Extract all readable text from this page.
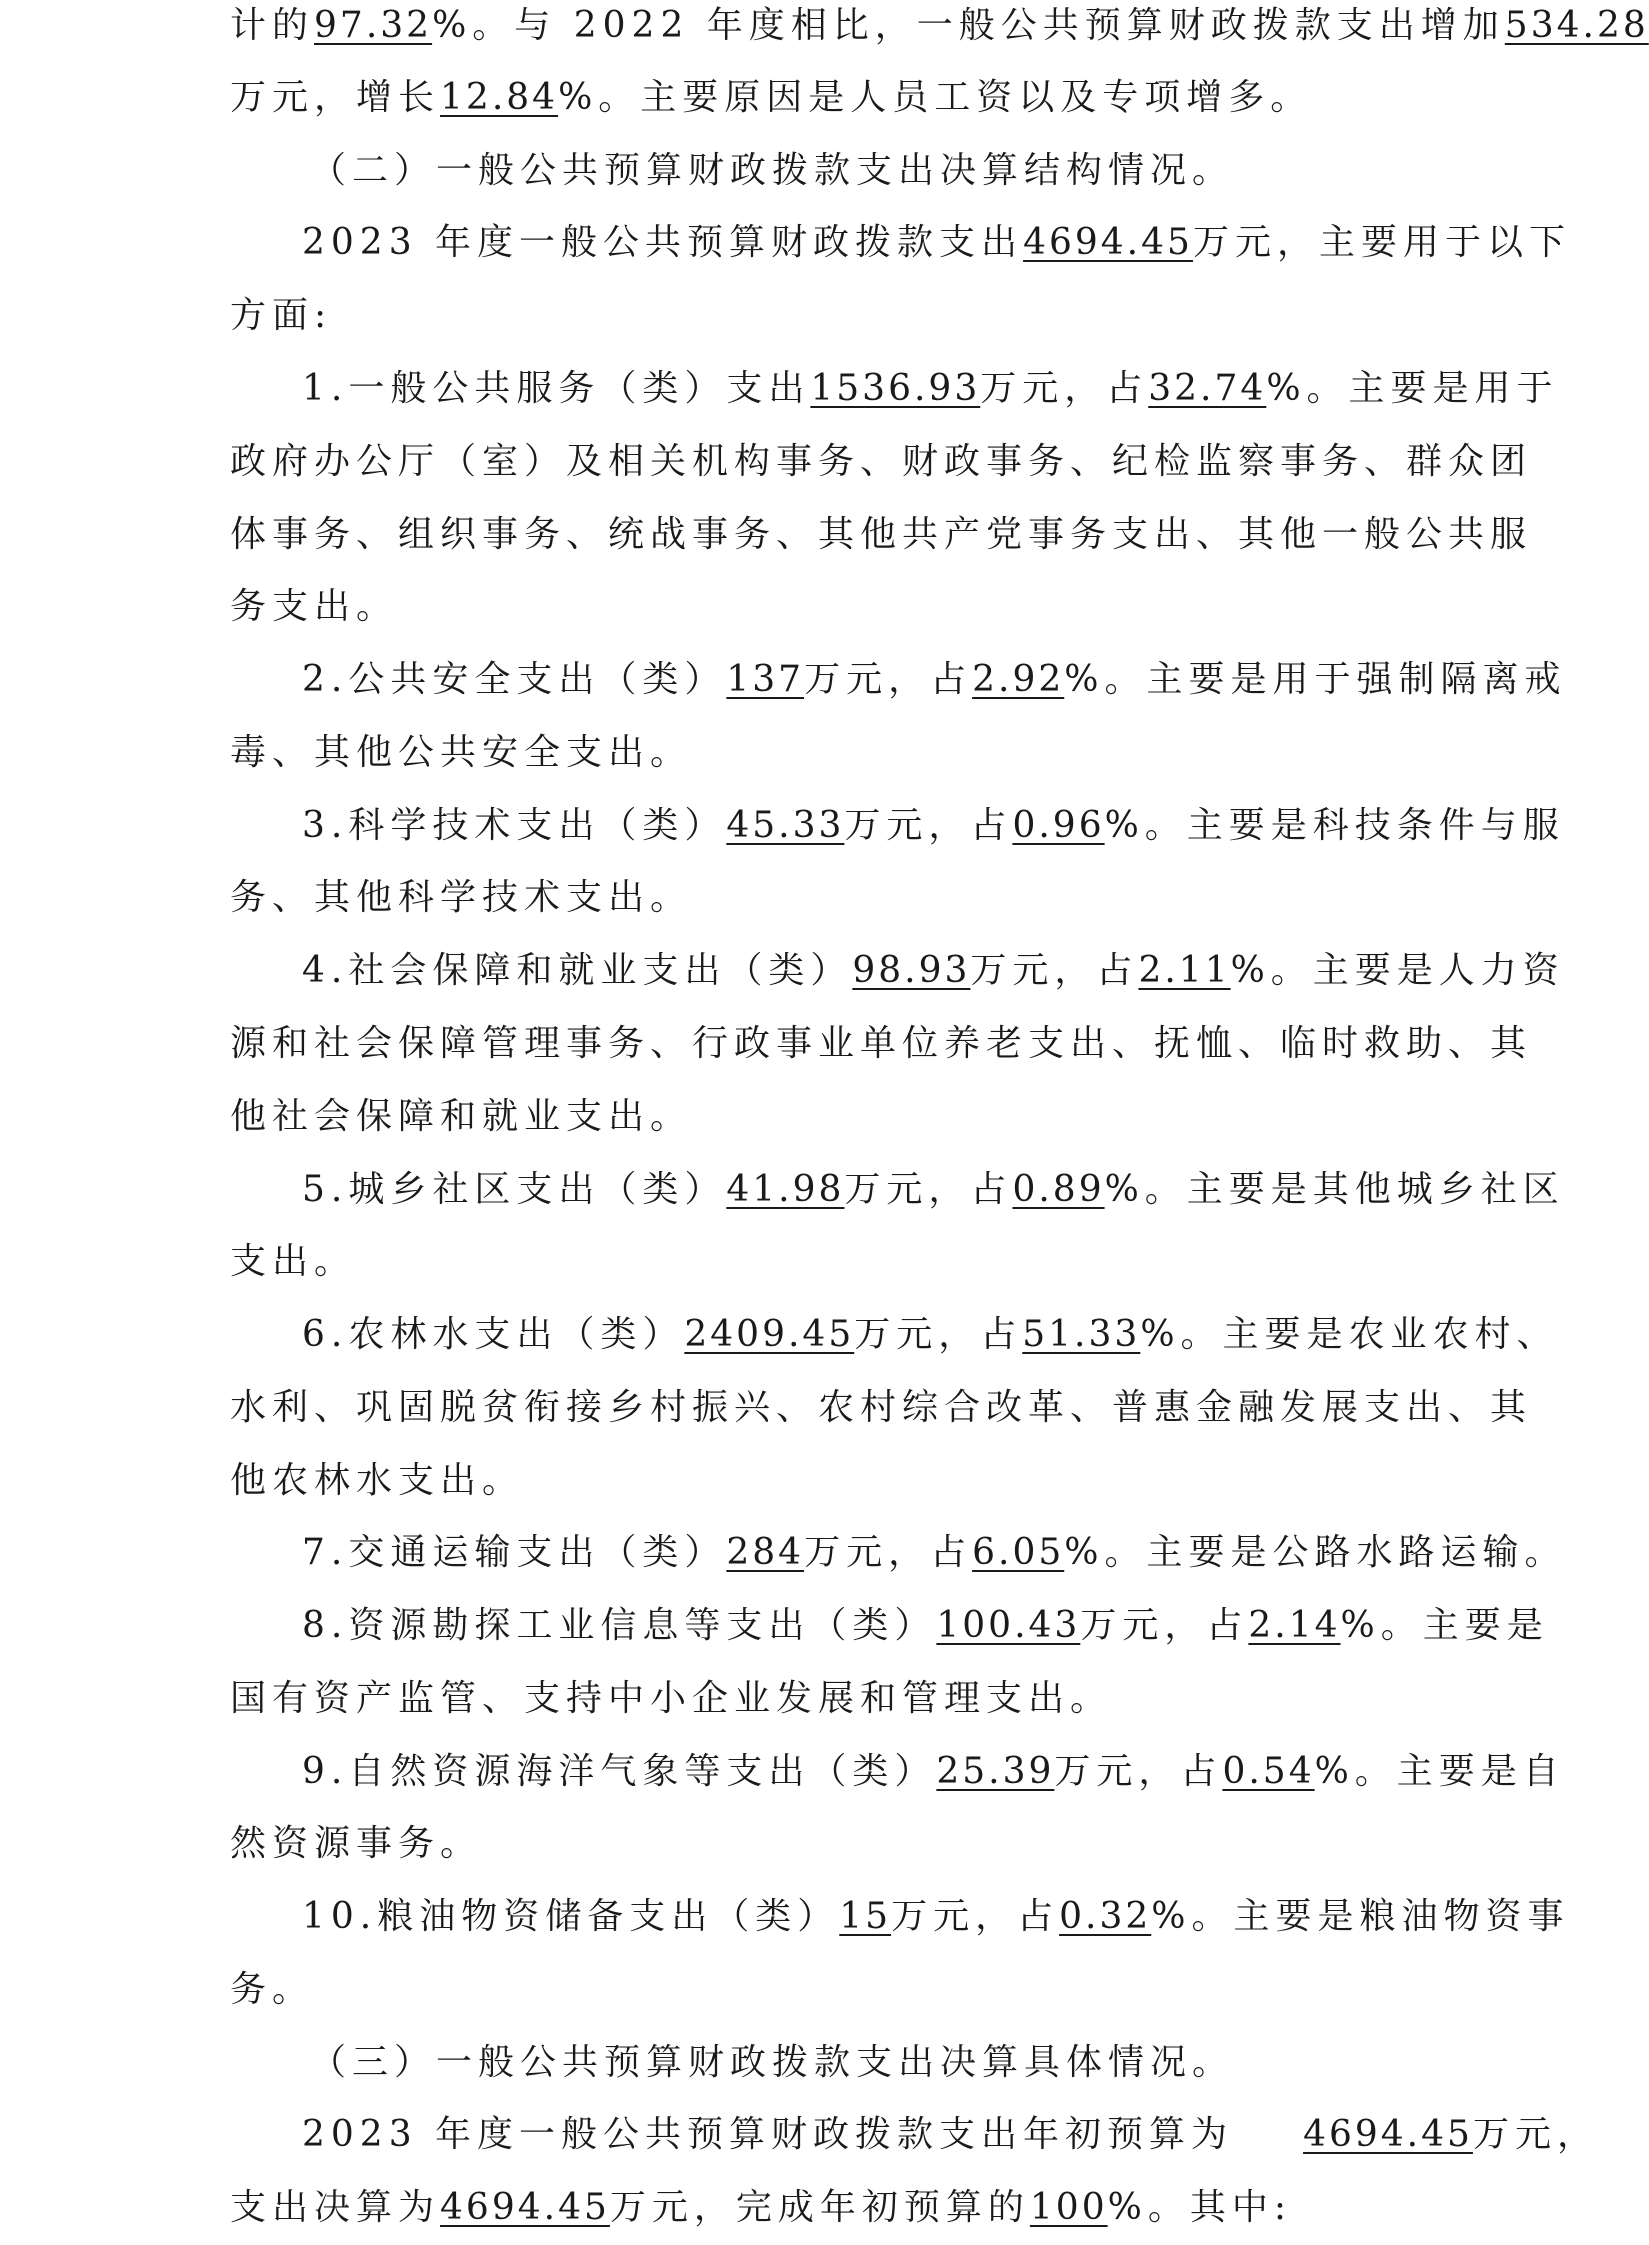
计的97.32%。与 2022 年度相比，一般公共预算财政拨款支出增加534.28
万元，增长12.84%。主要原因是人员工资以及专项增多。
（二）一般公共预算财政拨款支出决算结构情况。
2023 年度一般公共预算财政拨款支出4694.45万元，主要用于以下
方面:
1.一般公共服务（类）支出1536.93万元，占32.74%。主要是用于
政府办公厅（室）及相关机构事务、财政事务、纪检监察事务、群众团
体事务、组织事务、统战事务、其他共产党事务支出、其他一般公共服
务支出。
2.公共安全支出（类）137万元，占2.92%。主要是用于强制隔离戒
毒、其他公共安全支出。
3.科学技术支出（类）45.33万元，占0.96%。主要是科技条件与服
务、其他科学技术支出。
4.社会保障和就业支出（类）98.93万元，占2.11%。主要是人力资
源和社会保障管理事务、行政事业单位养老支出、抚恤、临时救助、其
他社会保障和就业支出。
5.城乡社区支出（类）41.98万元，占0.89%。主要是其他城乡社区
支出。
6.农林水支出（类）2409.45万元，占51.33%。主要是农业农村、
水利、巩固脱贫衔接乡村振兴、农村综合改革、普惠金融发展支出、其
他农林水支出。
7.交通运输支出（类）284万元，占6.05%。主要是公路水路运输。
8.资源勘探工业信息等支出（类）100.43万元，占2.14%。主要是
国有资产监管、支持中小企业发展和管理支出。
9.自然资源海洋气象等支出（类）25.39万元，占0.54%。主要是自
然资源事务。
10.粮油物资储备支出（类）15万元，占0.32%。主要是粮油物资事
务。
（三）一般公共预算财政拨款支出决算具体情况。
2023 年度一般公共预算财政拨款支出年初预算为 4694.45万元，
支出决算为4694.45万元，完成年初预算的100%。其中:
